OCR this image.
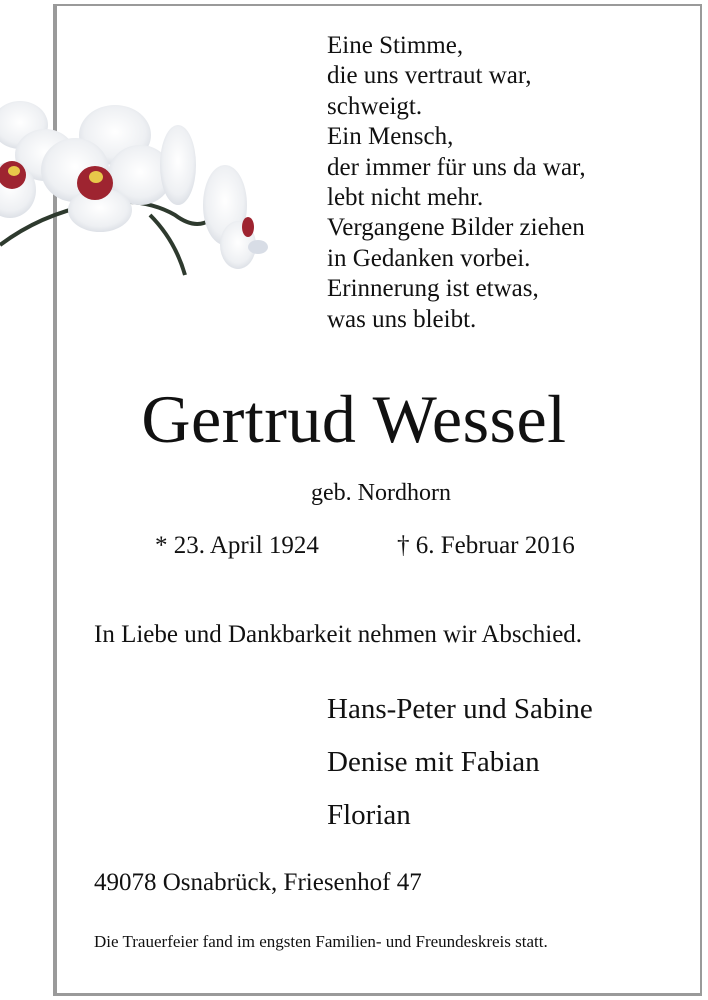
Eine Stimme,
die uns vertraut war,
schweigt.
Ein Mensch,
der immer für uns da war,
lebt nicht mehr.
Vergangene Bilder ziehen
in Gedanken vorbei.
Erinnerung ist etwas,
was uns bleibt.
Gertrud Wessel
geb. Nordhorn
* 23. April 1924	† 6. Februar 2016
In Liebe und Dankbarkeit nehmen wir Abschied.
Hans-Peter und Sabine
Denise mit Fabian
Florian
49078 Osnabrück, Friesenhof 47
Die Trauerfeier fand im engsten Familien- und Freundeskreis statt.
